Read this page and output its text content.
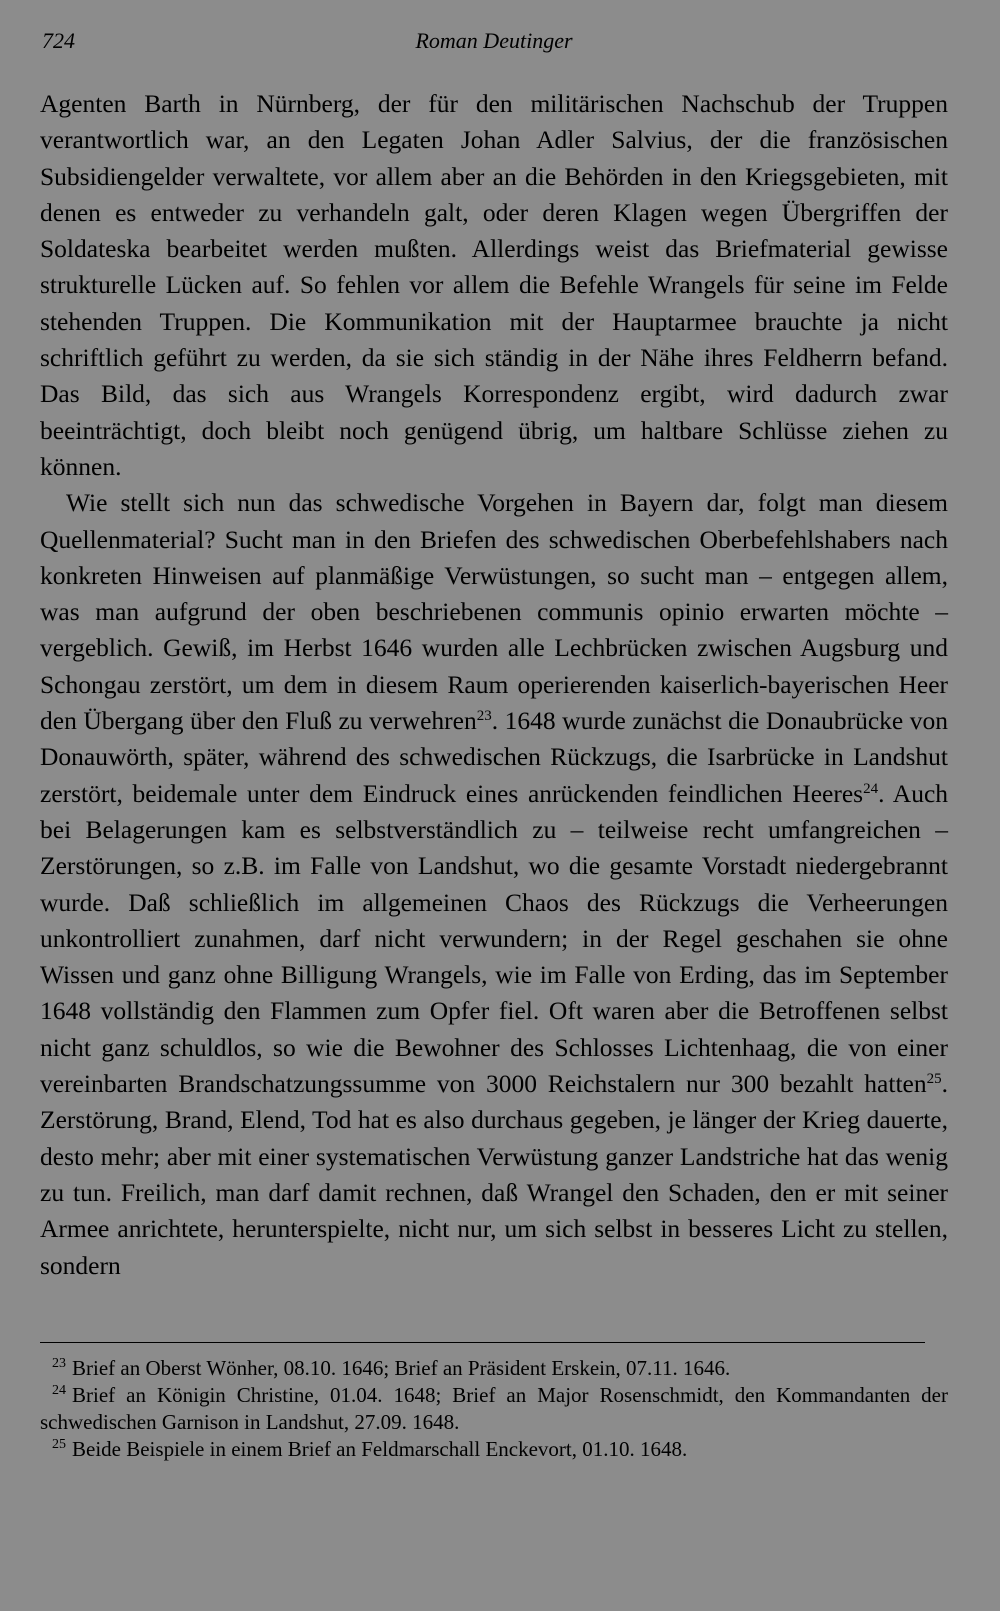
724	Roman Deutinger

Agenten Barth in Nürnberg, der für den militärischen Nachschub der Truppen verantwortlich war, an den Legaten Johan Adler Salvius, der die französischen Subsidiengelder verwaltete, vor allem aber an die Behörden in den Kriegsgebieten, mit denen es entweder zu verhandeln galt, oder deren Klagen wegen Übergriffen der Soldateska bearbeitet werden mußten. Allerdings weist das Briefmaterial gewisse strukturelle Lücken auf. So fehlen vor allem die Befehle Wrangels für seine im Felde stehenden Truppen. Die Kommunikation mit der Hauptarmee brauchte ja nicht schriftlich geführt zu werden, da sie sich ständig in der Nähe ihres Feldherrn befand. Das Bild, das sich aus Wrangels Korrespondenz ergibt, wird dadurch zwar beeinträchtigt, doch bleibt noch genügend übrig, um haltbare Schlüsse ziehen zu können.

Wie stellt sich nun das schwedische Vorgehen in Bayern dar, folgt man diesem Quellenmaterial? Sucht man in den Briefen des schwedischen Oberbefehlshabers nach konkreten Hinweisen auf planmäßige Verwüstungen, so sucht man – entgegen allem, was man aufgrund der oben beschriebenen communis opinio erwarten möchte – vergeblich. Gewiß, im Herbst 1646 wurden alle Lechbrücken zwischen Augsburg und Schongau zerstört, um dem in diesem Raum operierenden kaiserlich-bayerischen Heer den Übergang über den Fluß zu verwehren$^{23}$. 1648 wurde zunächst die Donaubrücke von Donauwörth, später, während des schwedischen Rückzugs, die Isarbrücke in Landshut zerstört, beidemale unter dem Eindruck eines anrückenden feindlichen Heeres$^{24}$. Auch bei Belagerungen kam es selbstverständlich zu – teilweise recht umfangreichen – Zerstörungen, so z.B. im Falle von Landshut, wo die gesamte Vorstadt niedergebrannt wurde. Daß schließlich im allgemeinen Chaos des Rückzugs die Verheerungen unkontrolliert zunahmen, darf nicht verwundern; in der Regel geschahen sie ohne Wissen und ganz ohne Billigung Wrangels, wie im Falle von Erding, das im September 1648 vollständig den Flammen zum Opfer fiel. Oft waren aber die Betroffenen selbst nicht ganz schuldlos, so wie die Bewohner des Schlosses Lichtenhaag, die von einer vereinbarten Brandschatzungssumme von 3000 Reichstalern nur 300 bezahlt hatten$^{25}$. Zerstörung, Brand, Elend, Tod hat es also durchaus gegeben, je länger der Krieg dauerte, desto mehr; aber mit einer systematischen Verwüstung ganzer Landstriche hat das wenig zu tun. Freilich, man darf damit rechnen, daß Wrangel den Schaden, den er mit seiner Armee anrichtete, herunterspielte, nicht nur, um sich selbst in besseres Licht zu stellen, sondern

$^{23}$ Brief an Oberst Wönher, 08.10. 1646; Brief an Präsident Erskein, 07.11. 1646.

$^{24}$ Brief an Königin Christine, 01.04. 1648; Brief an Major Rosenschmidt, den Kommandanten der schwedischen Garnison in Landshut, 27.09. 1648.

$^{25}$ Beide Beispiele in einem Brief an Feldmarschall Enckevort, 01.10. 1648.
